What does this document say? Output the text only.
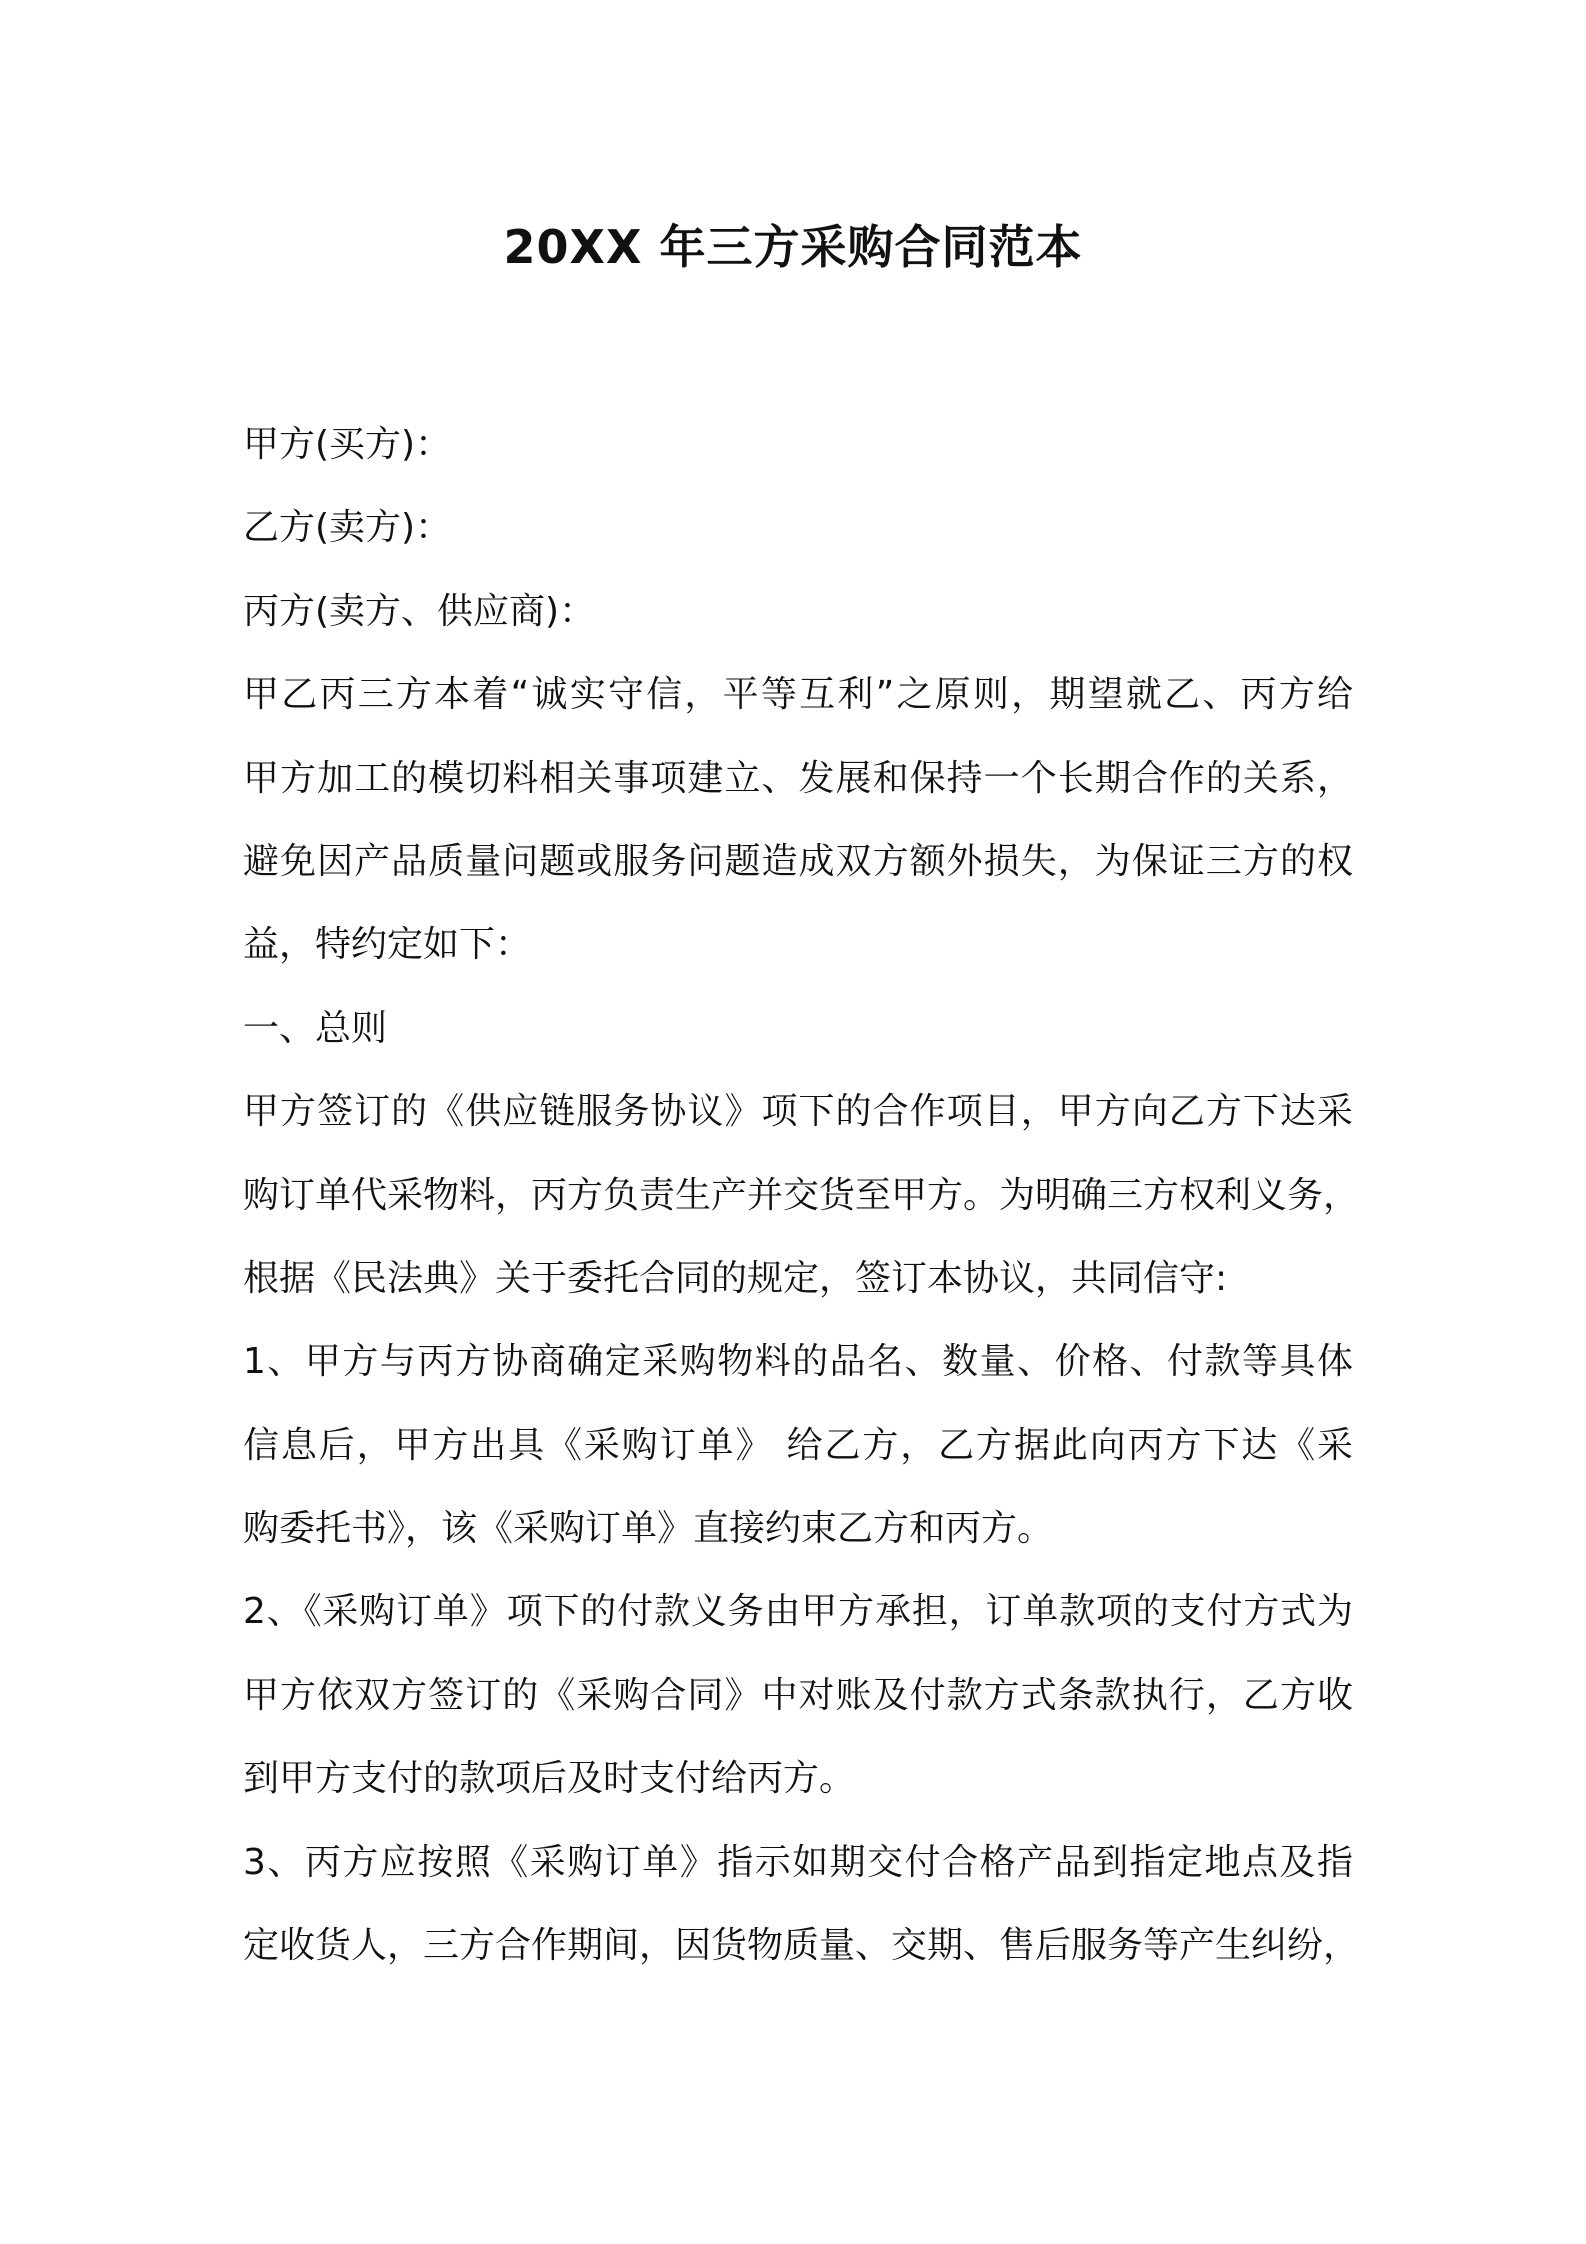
20XX 年三方采购合同范本
甲方(买方)：
乙方(卖方)：
丙方(卖方、供应商)：
甲乙丙三方本着“诚实守信，平等互利”之原则，期望就乙、丙方给
甲方加工的模切料相关事项建立、发展和保持一个长期合作的关系，
避免因产品质量问题或服务问题造成双方额外损失，为保证三方的权
益，特约定如下：
一、总则
甲方签订的《供应链服务协议》项下的合作项目，甲方向乙方下达采
购订单代采物料，丙方负责生产并交货至甲方。为明确三方权利义务，
根据《民法典》关于委托合同的规定，签订本协议，共同信守:
1、甲方与丙方协商确定采购物料的品名、数量、价格、付款等具体
信息后，甲方出具《采购订单》 给乙方，乙方据此向丙方下达《采
购委托书》，该《采购订单》直接约束乙方和丙方。
2、《采购订单》项下的付款义务由甲方承担，订单款项的支付方式为
甲方依双方签订的《采购合同》中对账及付款方式条款执行，乙方收
到甲方支付的款项后及时支付给丙方。
3、丙方应按照《采购订单》指示如期交付合格产品到指定地点及指
定收货人，三方合作期间，因货物质量、交期、售后服务等产生纠纷，
